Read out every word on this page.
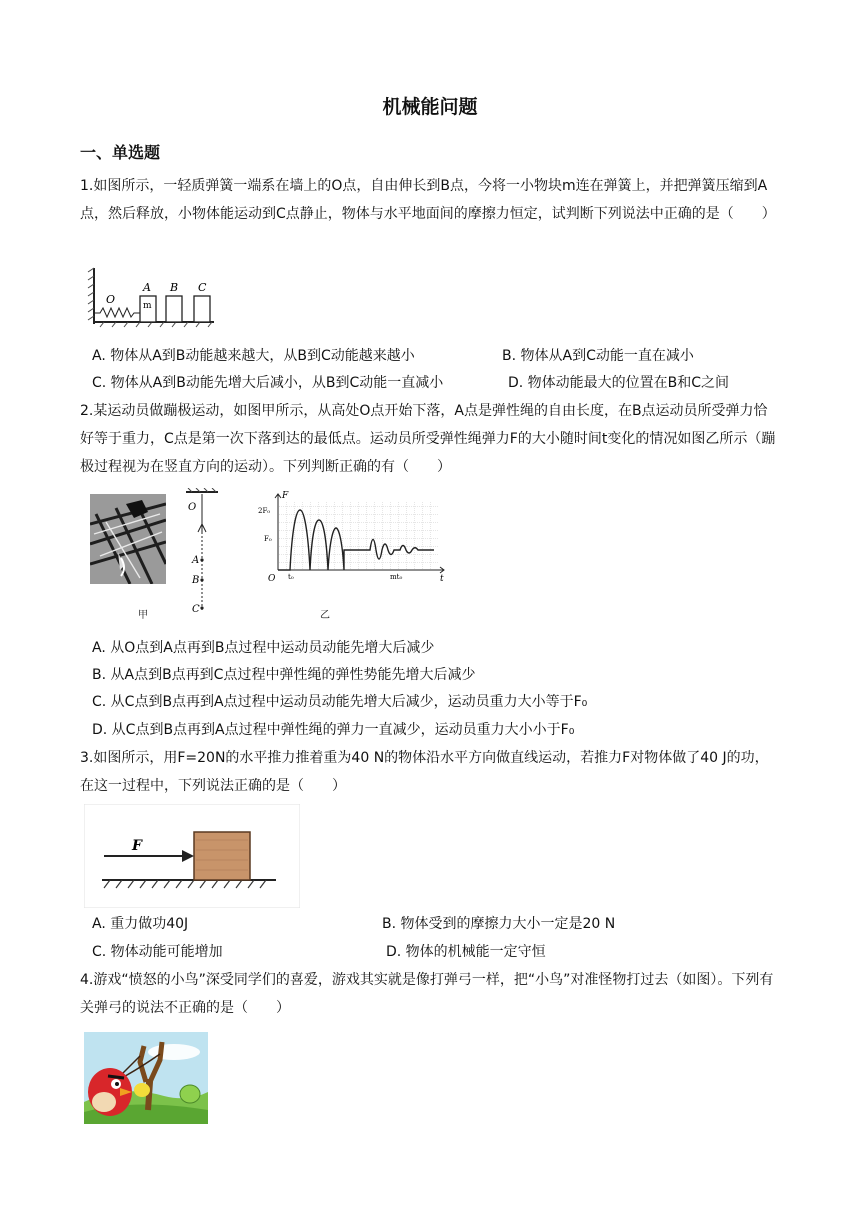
机械能问题
一、单选题
1.如图所示，一轻质弹簧一端系在墙上的O点，自由伸长到B点，今将一小物块m连在弹簧上，并把弹簧压缩到A点，然后释放，小物体能运动到C点静止，物体与水平地面间的摩擦力恒定，试判断下列说法中正确的是（　　）
O
A
m
B C
A. 物体从A到B动能越来越大，从B到C动能越来越小	B. 物体从A到C动能一直在减小
C. 物体从A到B动能先增大后减小，从B到C动能一直减小	D. 物体动能最大的位置在B和C之间
2.某运动员做蹦极运动，如图甲所示，从高处O点开始下落，A点是弹性绳的自由长度，在B点运动员所受弹力恰好等于重力，C点是第一次下落到达的最低点。运动员所受弹性绳弹力F的大小随时间t变化的情况如图乙所示（蹦极过程视为在竖直方向的运动）。下列判断正确的有（　　）
甲
O
A
B
C
F
t
O
2F₀
F₀
t₀	mt₀
乙
A. 从O点到A点再到B点过程中运动员动能先增大后减少
B. 从A点到B点再到C点过程中弹性绳的弹性势能先增大后减少
C. 从C点到B点再到A点过程中运动员动能先增大后减少，运动员重力大小等于F₀
D. 从C点到B点再到A点过程中弹性绳的弹力一直减少，运动员重力大小小于F₀
3.如图所示，用F=20N的水平推力推着重为40 N的物体沿水平方向做直线运动，若推力F对物体做了40 J的功，在这一过程中，下列说法正确的是（　　）
F
A. 重力做功40J	B. 物体受到的摩擦力大小一定是20 N
C. 物体动能可能增加	D. 物体的机械能一定守恒
4.游戏“愤怒的小鸟”深受同学们的喜爱，游戏其实就是像打弹弓一样，把“小鸟”对准怪物打过去（如图）。下列有关弹弓的说法不正确的是（　　）
